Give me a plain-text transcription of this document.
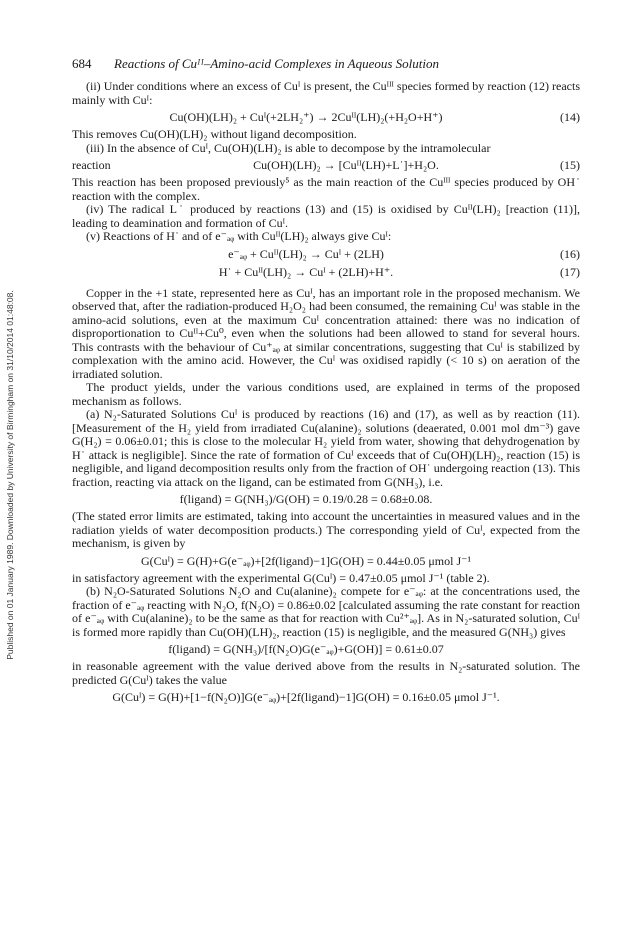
Published on 01 January 1989. Downloaded by University of Birmingham on 31/10/2014 01:48:08.
684	Reactions of Cuᴵᴵ–Amino-acid Complexes in Aqueous Solution

(ii) Under conditions where an excess of Cuᴵ is present, the Cuᴵᴵᴵ species formed by reaction (12) reacts mainly with Cuᴵ:

Cu(OH)(LH)₂ + Cuᴵ(+2LH₂⁺) → 2Cuᴵᴵ(LH)₂(+H₂O+H⁺)	(14)

This removes Cu(OH)(LH)₂ without ligand decomposition.

(iii) In the absence of Cuᴵ, Cu(OH)(LH)₂ is able to decompose by the intramolecular

reaction	Cu(OH)(LH)₂ → [Cuᴵᴵ(LH)+L˙]+H₂O.	(15)

This reaction has been proposed previously⁵ as the main reaction of the Cuᴵᴵᴵ species produced by OH˙ reaction with the complex.

(iv) The radical L˙ produced by reactions (13) and (15) is oxidised by Cuᴵᴵ(LH)₂ [reaction (11)], leading to deamination and formation of Cuᴵ.

(v) Reactions of H˙ and of e⁻ₐᵩ with Cuᴵᴵ(LH)₂ always give Cuᴵ:

e⁻ₐᵩ + Cuᴵᴵ(LH)₂ → Cuᴵ + (2LH)	(16)
H˙ + Cuᴵᴵ(LH)₂ → Cuᴵ + (2LH)+H⁺.	(17)

Copper in the +1 state, represented here as Cuᴵ, has an important role in the proposed mechanism. We observed that, after the radiation-produced H₂O₂ had been consumed, the remaining Cuᴵ was stable in the amino-acid solutions, even at the maximum Cuᴵ concentration attained: there was no indication of disproportionation to Cuᴵᴵ+Cu⁰, even when the solutions had been allowed to stand for several hours. This contrasts with the behaviour of Cu⁺ₐᵩ at similar concentrations, suggesting that Cuᴵ is stabilized by complexation with the amino acid. However, the Cuᴵ was oxidised rapidly (< 10 s) on aeration of the irradiated solution.

The product yields, under the various conditions used, are explained in terms of the proposed mechanism as follows.

(a) N₂-Saturated Solutions Cuᴵ is produced by reactions (16) and (17), as well as by reaction (11). [Measurement of the H₂ yield from irradiated Cu(alanine)₂ solutions (deaerated, 0.001 mol dm⁻³) gave G(H₂) = 0.06±0.01; this is close to the molecular H₂ yield from water, showing that dehydrogenation by H˙ attack is negligible]. Since the rate of formation of Cuᴵ exceeds that of Cu(OH)(LH)₂, reaction (15) is negligible, and ligand decomposition results only from the fraction of OH˙ undergoing reaction (13). This fraction, reacting via attack on the ligand, can be estimated from G(NH₃), i.e.

f(ligand) = G(NH₃)/G(OH) = 0.19/0.28 = 0.68±0.08.

(The stated error limits are estimated, taking into account the uncertainties in measured values and in the radiation yields of water decomposition products.) The corresponding yield of Cuᴵ, expected from the mechanism, is given by

G(Cuᴵ) = G(H)+G(e⁻ₐᵩ)+[2f(ligand)−1]G(OH) = 0.44±0.05 μmol J⁻¹

in satisfactory agreement with the experimental G(Cuᴵ) = 0.47±0.05 μmol J⁻¹ (table 2).

(b) N₂O-Saturated Solutions N₂O and Cu(alanine)₂ compete for e⁻ₐᵩ: at the concentrations used, the fraction of e⁻ₐᵩ reacting with N₂O, f(N₂O) = 0.86±0.02 [calculated assuming the rate constant for reaction of e⁻ₐᵩ with Cu(alanine)₂ to be the same as that for reaction with Cu²⁺ₐᵩ]. As in N₂-saturated solution, Cuᴵ is formed more rapidly than Cu(OH)(LH)₂, reaction (15) is negligible, and the measured G(NH₃) gives

f(ligand) = G(NH₃)/[f(N₂O)G(e⁻ₐᵩ)+G(OH)] = 0.61±0.07

in reasonable agreement with the value derived above from the results in N₂-saturated solution. The predicted G(Cuᴵ) takes the value

G(Cuᴵ) = G(H)+[1−f(N₂O)]G(e⁻ₐᵩ)+[2f(ligand)−1]G(OH) = 0.16±0.05 μmol J⁻¹.
